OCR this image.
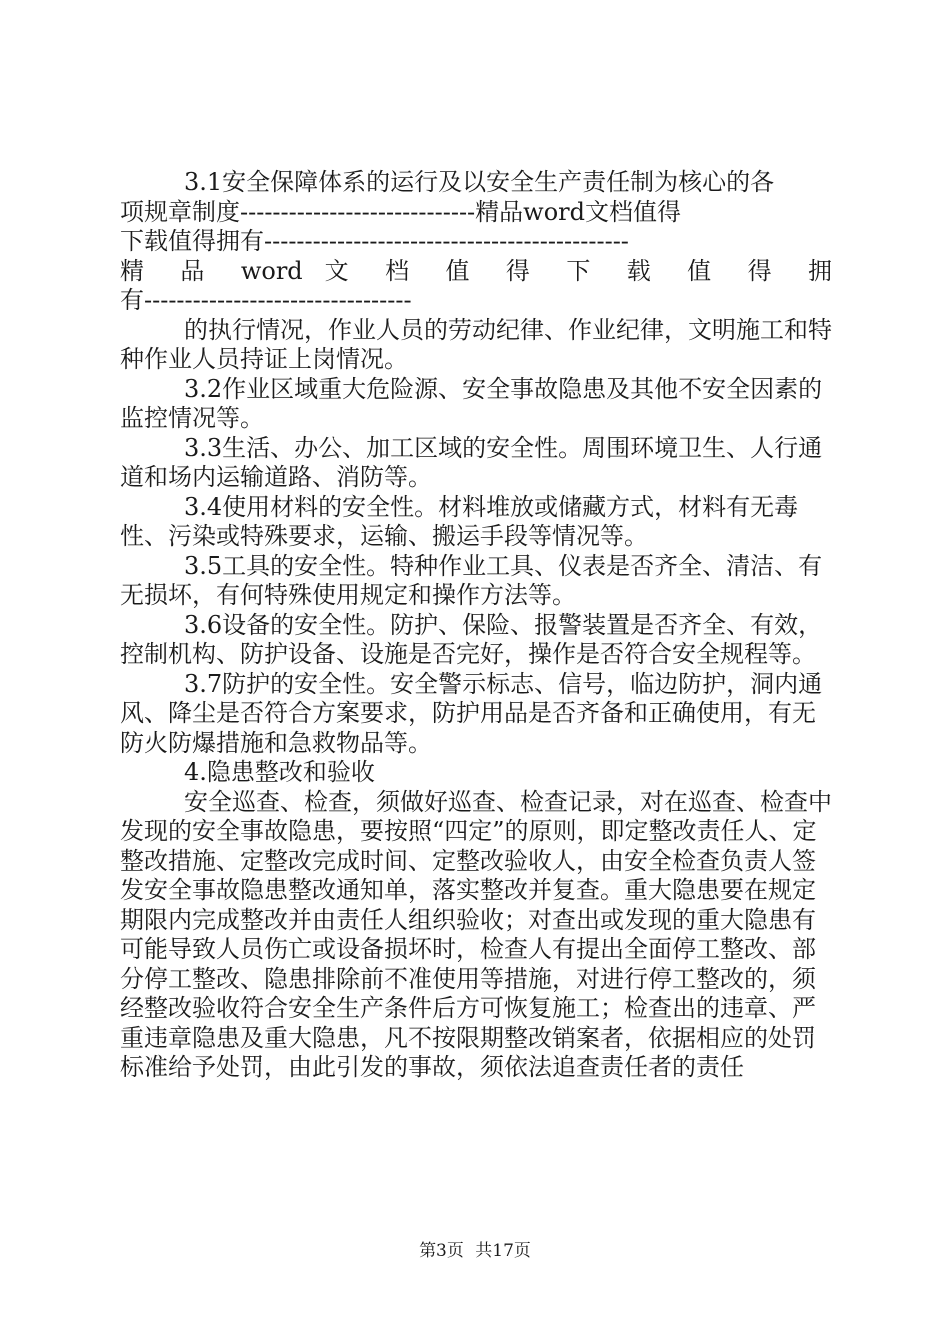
3.1安全保障体系的运行及以安全生产责任制为核心的各

项规章制度-----------------------------精品word文档值得

下载值得拥有---------------------------------------------

精 品 word 文 档 值 得 下 载 值 得 拥

有---------------------------------

的执行情况，作业人员的劳动纪律、作业纪律，文明施工和特种作业人员持证上岗情况。

3.2作业区域重大危险源、安全事故隐患及其他不安全因素的监控情况等。

3.3生活、办公、加工区域的安全性。周围环境卫生、人行通道和场内运输道路、消防等。

3.4使用材料的安全性。材料堆放或储藏方式，材料有无毒性、污染或特殊要求，运输、搬运手段等情况等。

3.5工具的安全性。特种作业工具、仪表是否齐全、清洁、有无损坏，有何特殊使用规定和操作方法等。

3.6设备的安全性。防护、保险、报警装置是否齐全、有效，控制机构、防护设备、设施是否完好，操作是否符合安全规程等。

3.7防护的安全性。安全警示标志、信号，临边防护，洞内通风、降尘是否符合方案要求，防护用品是否齐备和正确使用，有无防火防爆措施和急救物品等。

4.隐患整改和验收

安全巡查、检查，须做好巡查、检查记录，对在巡查、检查中发现的安全事故隐患，要按照“四定”的原则，即定整改责任人、定整改措施、定整改完成时间、定整改验收人，由安全检查负责人签发安全事故隐患整改通知单，落实整改并复查。重大隐患要在规定期限内完成整改并由责任人组织验收；对查出或发现的重大隐患有可能导致人员伤亡或设备损坏时，检查人有提出全面停工整改、部分停工整改、隐患排除前不准使用等措施，对进行停工整改的，须经整改验收符合安全生产条件后方可恢复施工；检查出的违章、严重违章隐患及重大隐患，凡不按限期整改销案者，依据相应的处罚标准给予处罚，由此引发的事故，须依法追查责任者的责任

第3页 共17页
